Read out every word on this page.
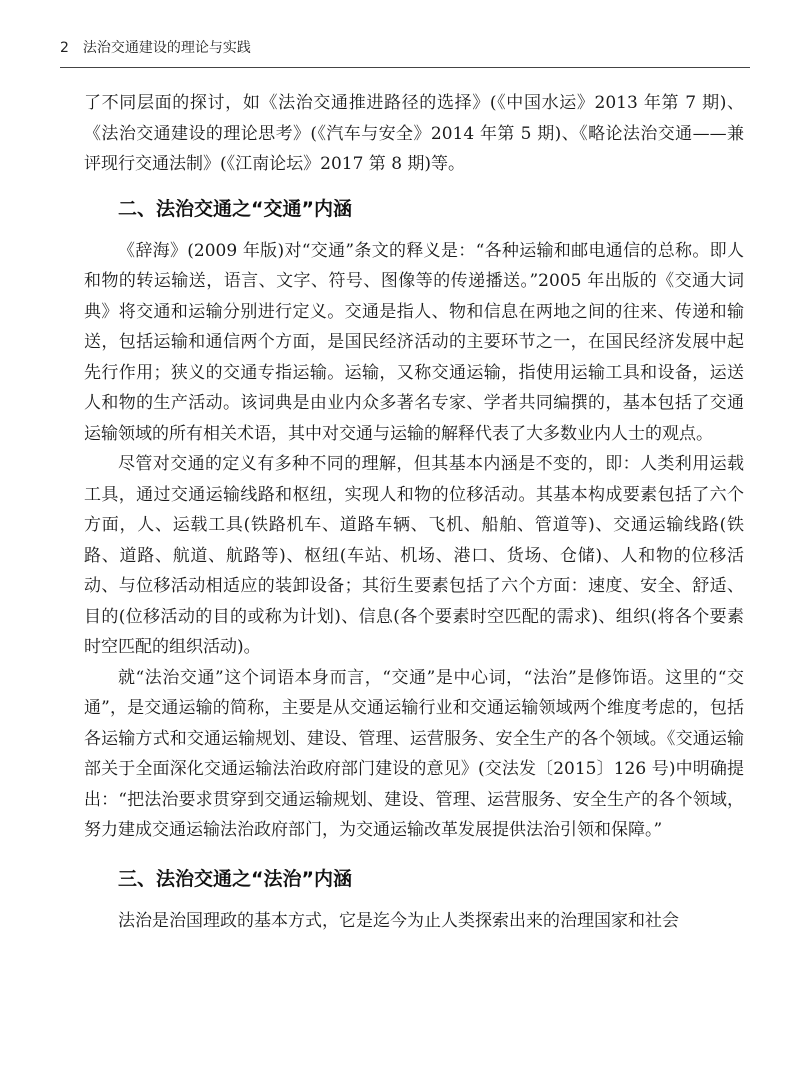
2 法治交通建设的理论与实践

了不同层面的探讨，如《法治交通推进路径的选择》(《中国水运》2013 年第 7 期)、《法治交通建设的理论思考》(《汽车与安全》2014 年第 5 期)、《略论法治交通——兼评现行交通法制》(《江南论坛》2017 第 8 期)等。

二、法治交通之“交通”内涵

《辞海》(2009 年版)对“交通”条文的释义是：“各种运输和邮电通信的总称。即人和物的转运输送，语言、文字、符号、图像等的传递播送。”2005 年出版的《交通大词典》将交通和运输分别进行定义。交通是指人、物和信息在两地之间的往来、传递和输送，包括运输和通信两个方面，是国民经济活动的主要环节之一，在国民经济发展中起先行作用；狭义的交通专指运输。运输，又称交通运输，指使用运输工具和设备，运送人和物的生产活动。该词典是由业内众多著名专家、学者共同编撰的，基本包括了交通运输领域的所有相关术语，其中对交通与运输的解释代表了大多数业内人士的观点。

尽管对交通的定义有多种不同的理解，但其基本内涵是不变的，即：人类利用运载工具，通过交通运输线路和枢纽，实现人和物的位移活动。其基本构成要素包括了六个方面，人、运载工具(铁路机车、道路车辆、飞机、船舶、管道等)、交通运输线路(铁路、道路、航道、航路等)、枢纽(车站、机场、港口、货场、仓储)、人和物的位移活动、与位移活动相适应的装卸设备；其衍生要素包括了六个方面：速度、安全、舒适、目的(位移活动的目的或称为计划)、信息(各个要素时空匹配的需求)、组织(将各个要素时空匹配的组织活动)。

就“法治交通”这个词语本身而言，“交通”是中心词，“法治”是修饰语。这里的“交通”，是交通运输的简称，主要是从交通运输行业和交通运输领域两个维度考虑的，包括各运输方式和交通运输规划、建设、管理、运营服务、安全生产的各个领域。《交通运输部关于全面深化交通运输法治政府部门建设的意见》(交法发〔2015〕126 号)中明确提出：“把法治要求贯穿到交通运输规划、建设、管理、运营服务、安全生产的各个领域，努力建成交通运输法治政府部门，为交通运输改革发展提供法治引领和保障。”

三、法治交通之“法治”内涵

法治是治国理政的基本方式，它是迄今为止人类探索出来的治理国家和社会
